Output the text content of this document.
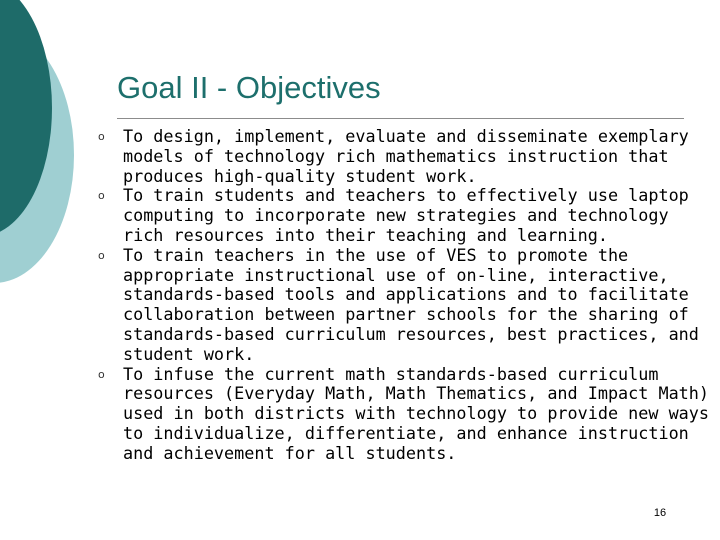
Goal II - Objectives
o To design, implement, evaluate and disseminate exemplary models of technology rich mathematics instruction that produces high-quality student work.
o To train students and teachers to effectively use laptop computing to incorporate new strategies and technology rich resources into their teaching and learning.
o To train teachers in the use of VES to promote the appropriate instructional use of on-line, interactive, standards-based tools and applications and to facilitate collaboration between partner schools for the sharing of standards-based curriculum resources, best practices, and student work.
o To infuse the current math standards-based curriculum resources (Everyday Math, Math Thematics, and Impact Math) used in both districts with technology to provide new ways to individualize, differentiate, and enhance instruction and achievement for all students.
16
